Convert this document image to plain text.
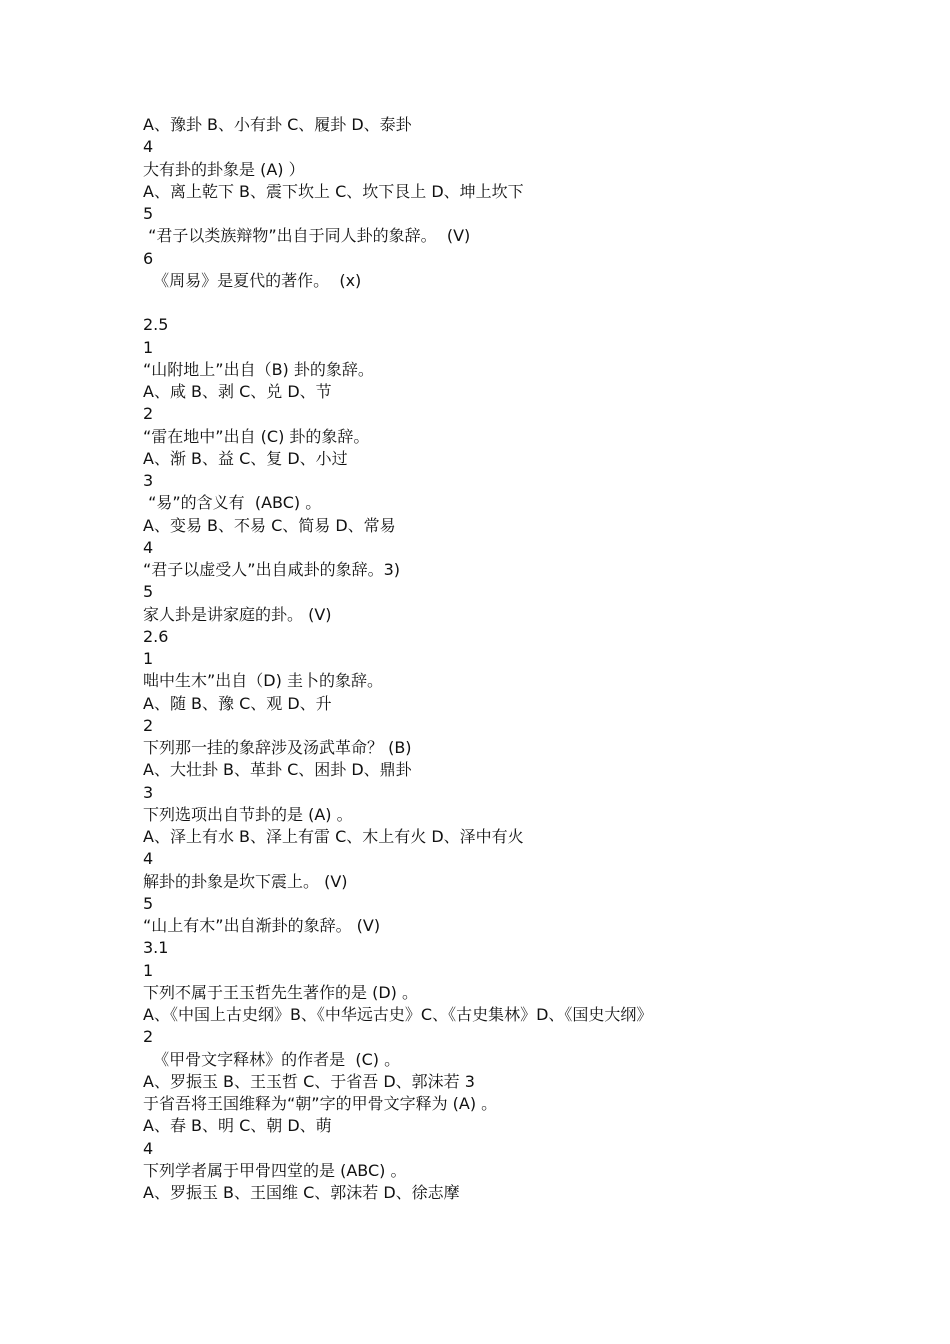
A、豫卦 B、小有卦 C、履卦 D、泰卦
4
大有卦的卦象是 (A) ）
A、离上乾下 B、震下坎上 C、坎下艮上 D、坤上坎下
5
“君子以类族辩物”出自于同人卦的象辞。  (V)
6
《周易》是夏代的著作。  (x)
2.5
1
“山附地上”出自（B) 卦的象辞。
A、咸 B、剥 C、兑 D、节
2
“雷在地中”出自 (C) 卦的象辞。
A、渐 B、益 C、复 D、小过
3
“易”的含义有  (ABC) 。
A、变易 B、不易 C、简易 D、常易
4
“君子以虚受人”出自咸卦的象辞。3)
5
家人卦是讲家庭的卦。 (V)
2.6
1
咄中生木”出自（D) 圭卜的象辞。
A、随 B、豫 C、观 D、升
2
下列那一挂的象辞涉及汤武革命？ (B)
A、大壮卦 B、革卦 C、困卦 D、鼎卦
3
下列选项出自节卦的是 (A) 。
A、泽上有水 B、泽上有雷 C、木上有火 D、泽中有火
4
解卦的卦象是坎下震上。 (V)
5
“山上有木”出自渐卦的象辞。 (V)
3.1
1
下列不属于王玉哲先生著作的是 (D) 。
A、《中国上古史纲》B、《中华远古史》C、《古史集林》D、《国史大纲》
2
《甲骨文字释林》的作者是  (C) 。
A、罗振玉 B、王玉哲 C、于省吾 D、郭沫若 3
于省吾将王国维释为“朝”字的甲骨文字释为 (A) 。
A、春 B、明 C、朝 D、萌
4
下列学者属于甲骨四堂的是 (ABC) 。
A、罗振玉 B、王国维 C、郭沫若 D、徐志摩
